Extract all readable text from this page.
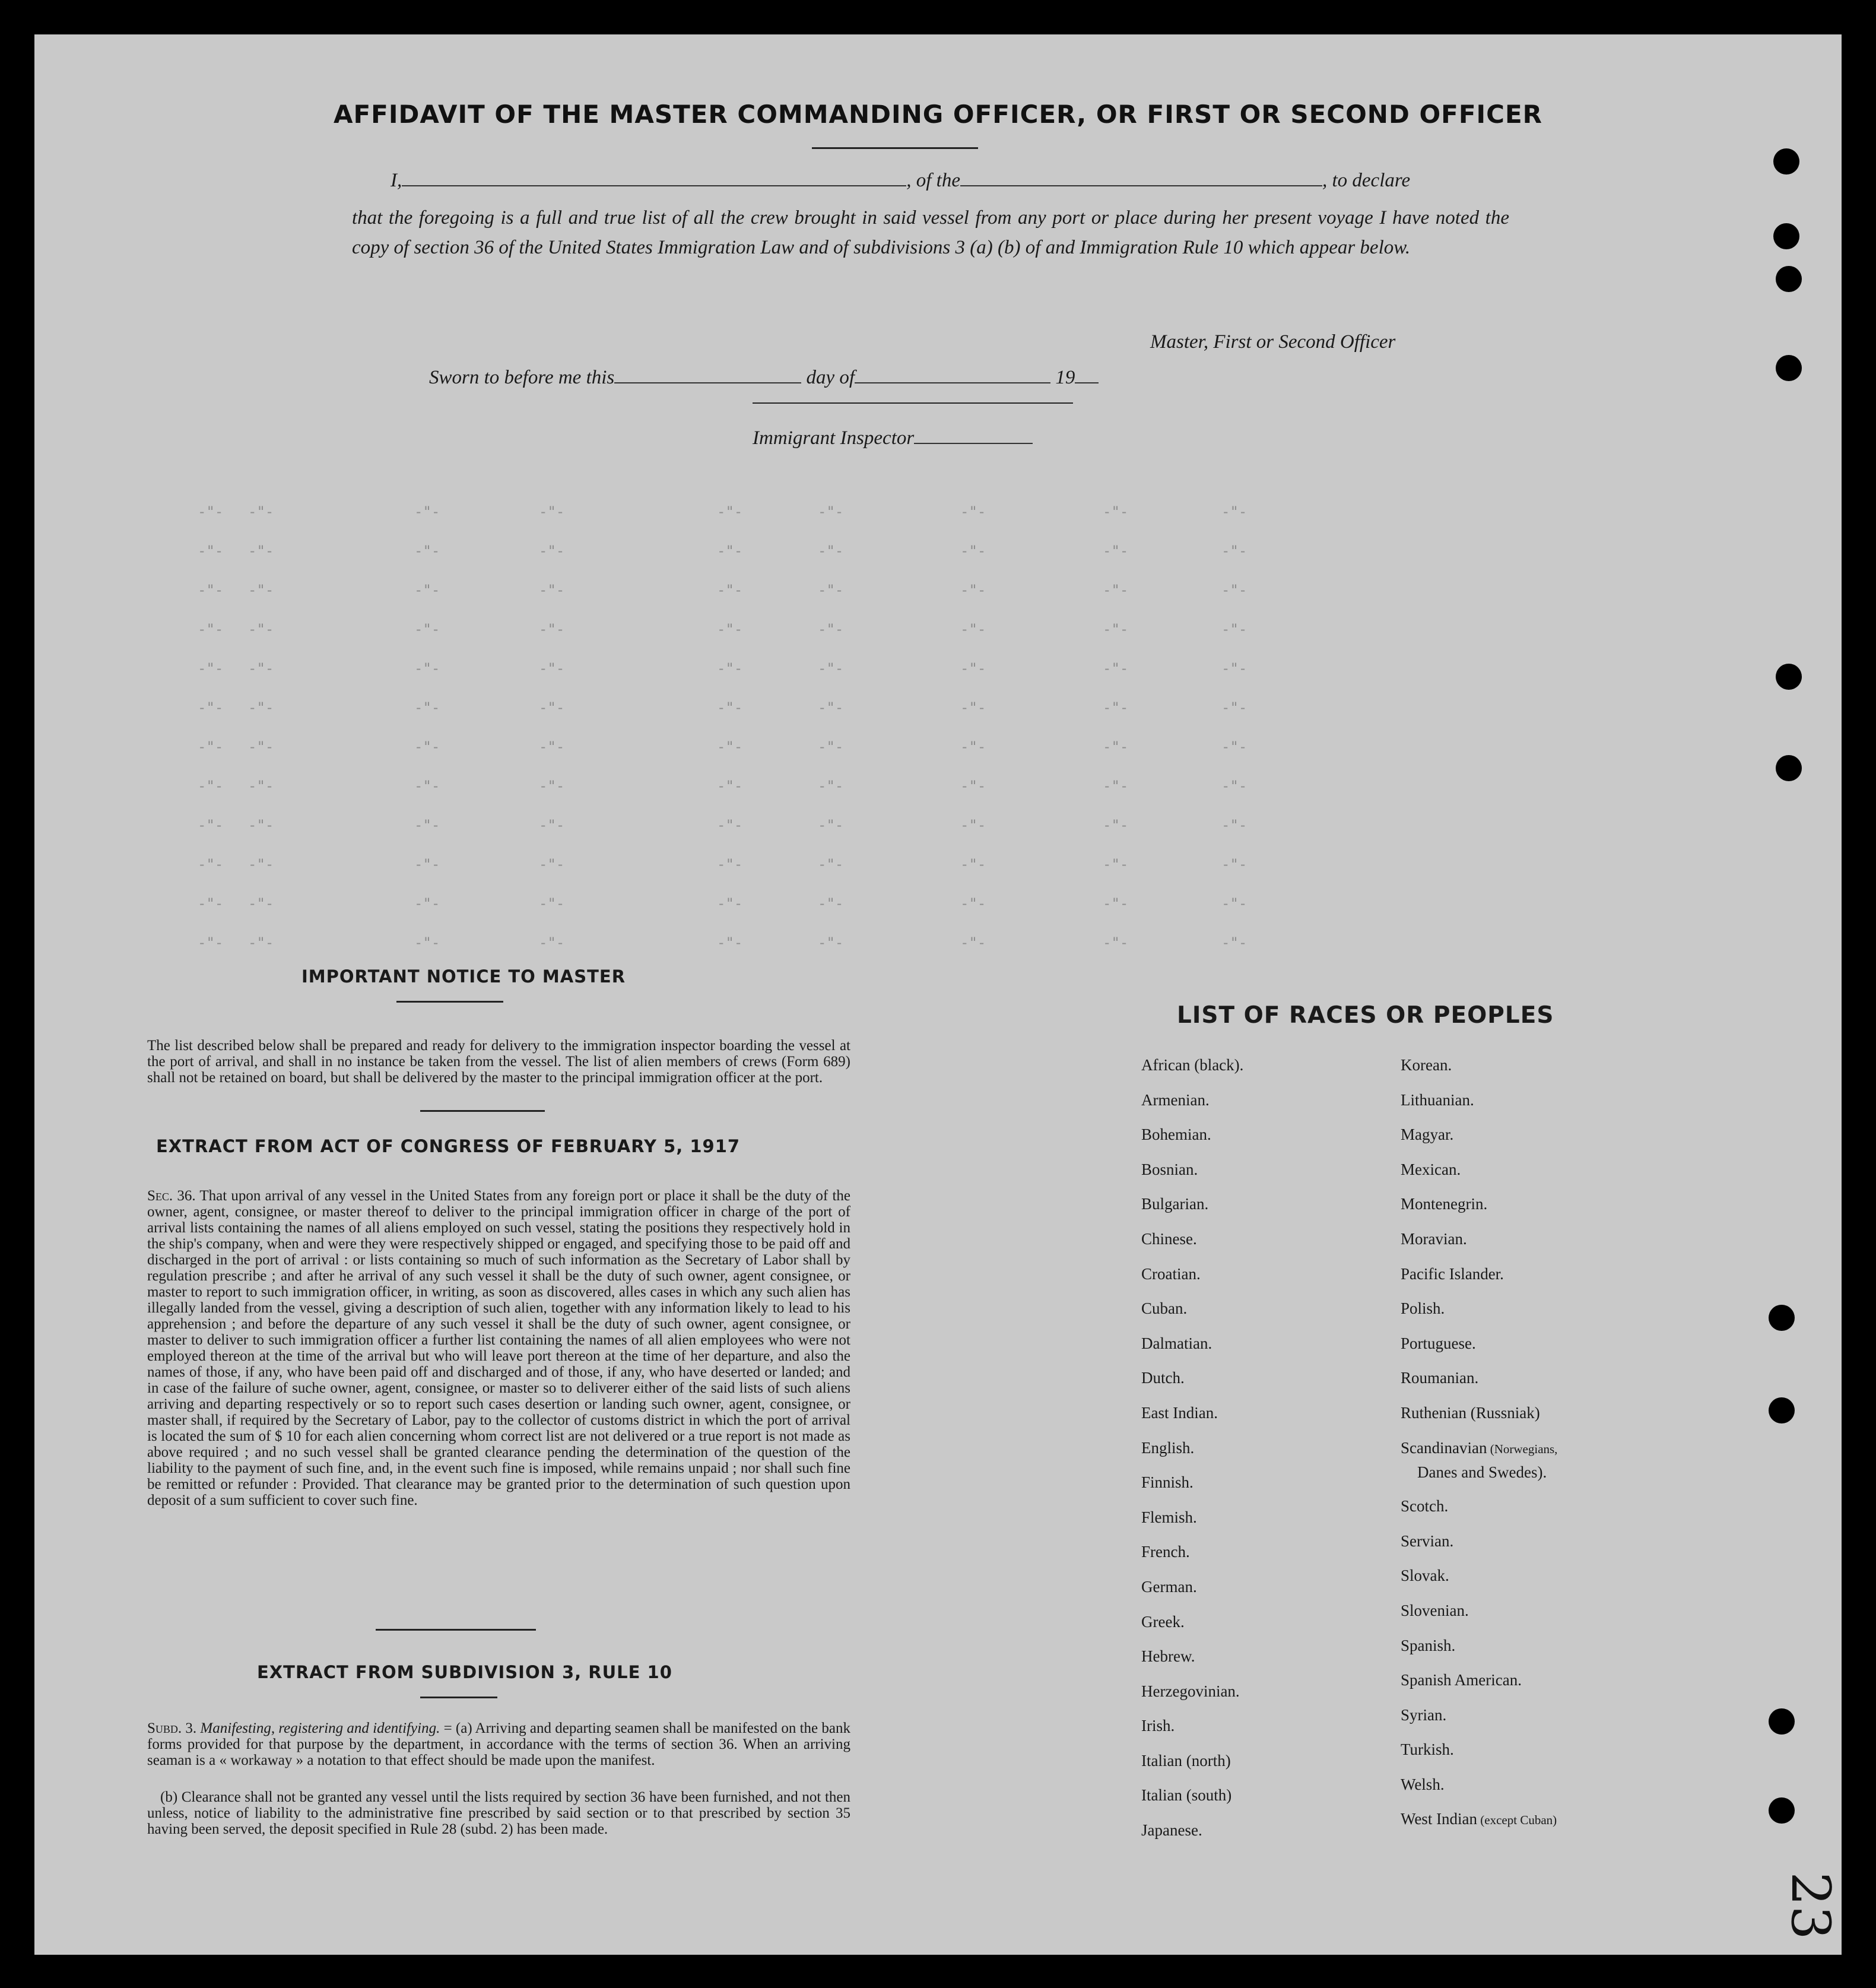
-"- -"-	-"-	-"-	-"-	-"-	-"-	-"-	-"-
-"- -"-	-"-	-"-	-"-	-"-	-"-	-"-	-"-
-"- -"-	-"-	-"-	-"-	-"-	-"-	-"-	-"-
-"- -"-	-"-	-"-	-"-	-"-	-"-	-"-	-"-
-"- -"-	-"-	-"-	-"-	-"-	-"-	-"-	-"-
-"- -"-	-"-	-"-	-"-	-"-	-"-	-"-	-"-
-"- -"-	-"-	-"-	-"-	-"-	-"-	-"-	-"-
-"- -"-	-"-	-"-	-"-	-"-	-"-	-"-	-"-
-"- -"-	-"-	-"-	-"-	-"-	-"-	-"-	-"-
-"- -"-	-"-	-"-	-"-	-"-	-"-	-"-	-"-
-"- -"-	-"-	-"-	-"-	-"-	-"-	-"-	-"-
-"- -"-	-"-	-"-	-"-	-"-	-"-	-"-	-"-
AFFIDAVIT OF THE MASTER COMMANDING OFFICER, OR FIRST OR SECOND OFFICER
I,	, of the	, to declare
that the foregoing is a full and true list of all the crew brought in said vessel from any port or place during her present voyage I have noted the copy of section 36 of the United States Immigration Law and of subdivisions 3 (a) (b) of and Immigration Rule 10 which appear below.
Master, First or Second Officer
Sworn to before me this	day of	19
Immigrant Inspector
IMPORTANT NOTICE TO MASTER
The list described below shall be prepared and ready for delivery to the immigration inspector boarding the vessel at the port of arrival, and shall in no instance be taken from the vessel. The list of alien members of crews (Form 689) shall not be retained on board, but shall be delivered by the master to the principal immigration officer at the port.
EXTRACT FROM ACT OF CONGRESS OF FEBRUARY 5, 1917
Sec. 36. That upon arrival of any vessel in the United States from any foreign port or place it shall be the duty of the owner, agent, consignee, or master thereof to deliver to the principal immigration officer in charge of the port of arrival lists containing the names of all aliens employed on such vessel, stating the positions they respectively hold in the ship's company, when and were they were respectively shipped or engaged, and specifying those to be paid off and discharged in the port of arrival : or lists containing so much of such information as the Secretary of Labor shall by regulation prescribe ; and after he arrival of any such vessel it shall be the duty of such owner, agent consignee, or master to report to such immigration officer, in writing, as soon as discovered, alles cases in which any such alien has illegally landed from the vessel, giving a description of such alien, together with any information likely to lead to his apprehension ; and before the departure of any such vessel it shall be the duty of such owner, agent consignee, or master to deliver to such immigration officer a further list containing the names of all alien employees who were not employed thereon at the time of the arrival but who will leave port thereon at the time of her departure, and also the names of those, if any, who have been paid off and discharged and of those, if any, who have deserted or landed; and in case of the failure of suche owner, agent, consignee, or master so to deliverer either of the said lists of such aliens arriving and departing respectively or so to report such cases desertion or landing such owner, agent, consignee, or master shall, if required by the Secretary of Labor, pay to the collector of customs district in which the port of arrival is located the sum of $ 10 for each alien concerning whom correct list are not delivered or a true report is not made as above required ; and no such vessel shall be granted clearance pending the determination of the question of the liability to the payment of such fine, and, in the event such fine is imposed, while remains unpaid ; nor shall such fine be remitted or refunder : Provided. That clearance may be granted prior to the determination of such question upon deposit of a sum sufficient to cover such fine.
EXTRACT FROM SUBDIVISION 3, RULE 10
Subd. 3. Manifesting, registering and identifying. = (a) Arriving and departing seamen shall be manifested on the bank forms provided for that purpose by the department, in accordance with the terms of section 36. When an arriving seaman is a « workaway » a notation to that effect should be made upon the manifest.
(b) Clearance shall not be granted any vessel until the lists required by section 36 have been furnished, and not then unless, notice of liability to the administrative fine prescribed by said section or to that prescribed by section 35 having been served, the deposit specified in Rule 28 (subd. 2) has been made.
LIST OF RACES OR PEOPLES
African (black).
Armenian.
Bohemian.
Bosnian.
Bulgarian.
Chinese.
Croatian.
Cuban.
Dalmatian.
Dutch.
East Indian.
English.
Finnish.
Flemish.
French.
German.
Greek.
Hebrew.
Herzegovinian.
Irish.
Italian (north)
Italian (south)
Japanese.
Korean.
Lithuanian.
Magyar.
Mexican.
Montenegrin.
Moravian.
Pacific Islander.
Polish.
Portuguese.
Roumanian.
Ruthenian (Russniak)
Scandinavian (Norwegians,
Danes and Swedes).
Scotch.
Servian.
Slovak.
Slovenian.
Spanish.
Spanish American.
Syrian.
Turkish.
Welsh.
West Indian (except Cuban)
23
